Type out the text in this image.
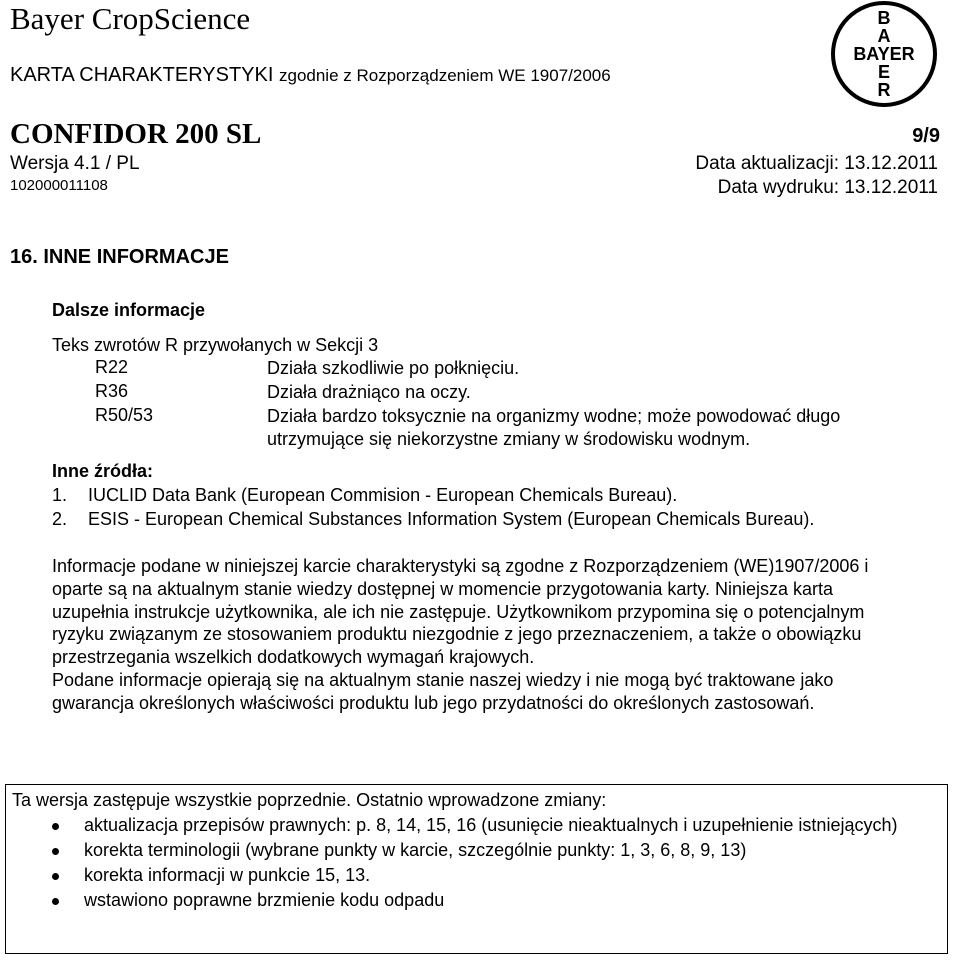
Bayer CropScience
KARTA CHARAKTERYSTYKI zgodnie z Rozporządzeniem WE 1907/2006
CONFIDOR 200 SL	9/9
Wersja 4.1 / PL
102000011108
Data aktualizacji: 13.12.2011
Data wydruku: 13.12.2011
B
A
BAYER
E
R
16. INNE INFORMACJE
Dalsze informacje
Teks zwrotów R przywołanych w Sekcji 3
R22	Działa szkodliwie po połknięciu.
R36	Działa drażniąco na oczy.
R50/53	Działa bardzo toksycznie na organizmy wodne; może powodować długo
utrzymujące się niekorzystne zmiany w środowisku wodnym.
Inne źródła:
1. IUCLID Data Bank (European Commision - European Chemicals Bureau).
2. ESIS - European Chemical Substances Information System (European Chemicals Bureau).

Informacje podane w niniejszej karcie charakterystyki są zgodne z Rozporządzeniem (WE)1907/2006 i oparte są na aktualnym stanie wiedzy dostępnej w momencie przygotowania karty. Niniejsza karta uzupełnia instrukcje użytkownika, ale ich nie zastępuje. Użytkownikom przypomina się o potencjalnym ryzyku związanym ze stosowaniem produktu niezgodnie z jego przeznaczeniem, a także o obowiązku przestrzegania wszelkich dodatkowych wymagań krajowych.

Podane informacje opierają się na aktualnym stanie naszej wiedzy i nie mogą być traktowane jako gwarancja określonych właściwości produktu lub jego przydatności do określonych zastosowań.

Ta wersja zastępuje wszystkie poprzednie. Ostatnio wprowadzone zmiany:
aktualizacja przepisów prawnych: p. 8, 14, 15, 16 (usunięcie nieaktualnych i uzupełnienie istniejących)
korekta terminologii (wybrane punkty w karcie, szczególnie punkty: 1, 3, 6, 8, 9, 13)
korekta informacji w punkcie 15, 13.
wstawiono poprawne brzmienie kodu odpadu
